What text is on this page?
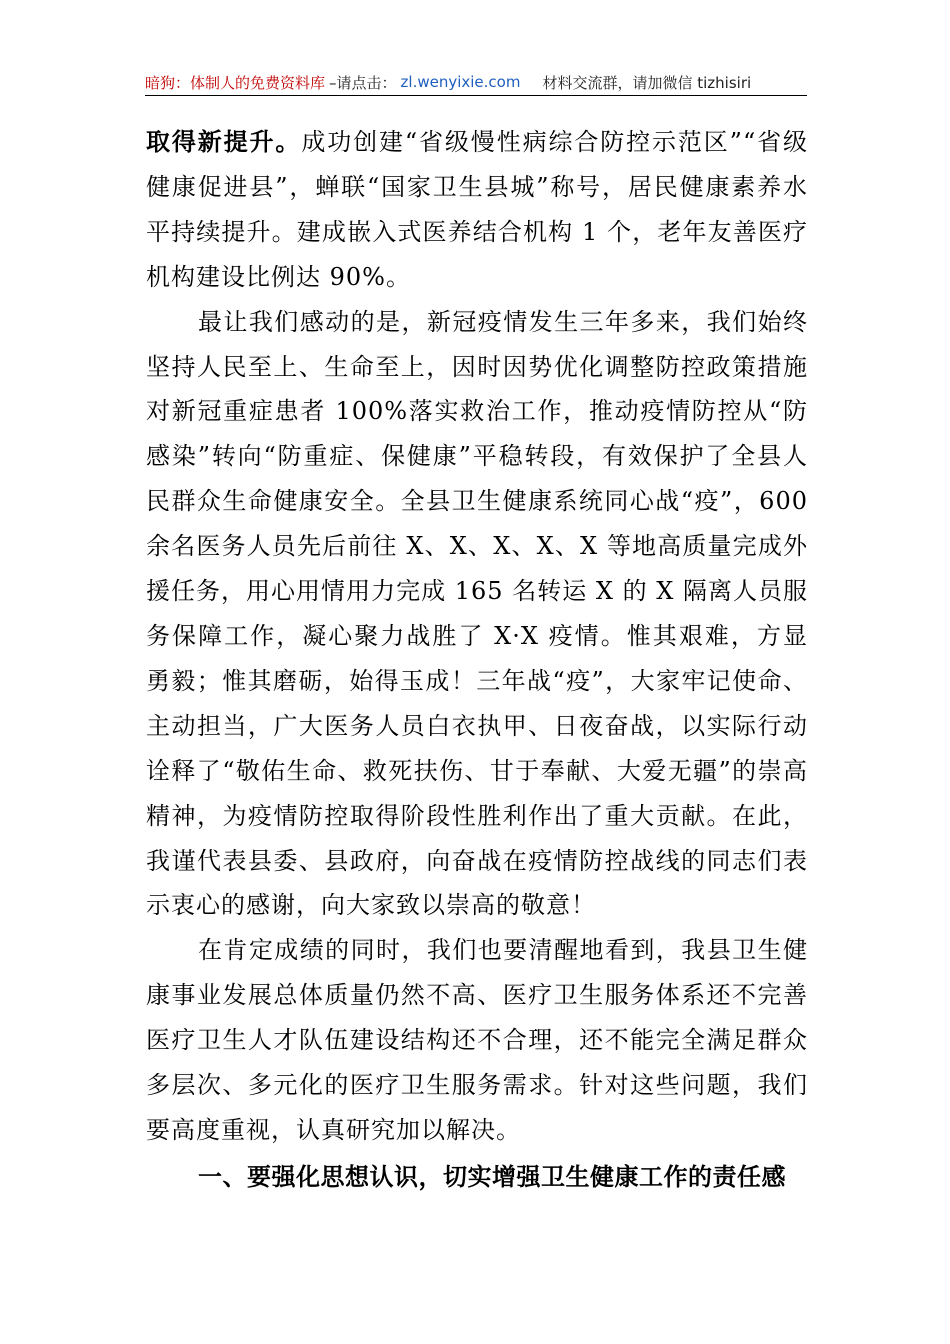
暗狗：体制人的免费资料库 –请点击： zl.wenyixie.com 材料交流群，请加微信 tizhisiri

取得新提升。成功创建“省级慢性病综合防控示范区”“省级健康促进县”，蝉联“国家卫生县城”称号，居民健康素养水平持续提升。建成嵌入式医养结合机构 1 个，老年友善医疗机构建设比例达 90%。

最让我们感动的是，新冠疫情发生三年多来，我们始终坚持人民至上、生命至上，因时因势优化调整防控政策措施对新冠重症患者 100%落实救治工作，推动疫情防控从“防感染”转向“防重症、保健康”平稳转段，有效保护了全县人民群众生命健康安全。全县卫生健康系统同心战“疫”，600 余名医务人员先后前往 X、X、X、X、X 等地高质量完成外援任务，用心用情用力完成 165 名转运 X 的 X 隔离人员服务保障工作，凝心聚力战胜了 X·X 疫情。惟其艰难，方显勇毅；惟其磨砺，始得玉成！三年战“疫”，大家牢记使命、主动担当，广大医务人员白衣执甲、日夜奋战，以实际行动诠释了“敬佑生命、救死扶伤、甘于奉献、大爱无疆”的崇高精神，为疫情防控取得阶段性胜利作出了重大贡献。在此，我谨代表县委、县政府，向奋战在疫情防控战线的同志们表示衷心的感谢，向大家致以崇高的敬意！

在肯定成绩的同时，我们也要清醒地看到，我县卫生健康事业发展总体质量仍然不高、医疗卫生服务体系还不完善医疗卫生人才队伍建设结构还不合理，还不能完全满足群众多层次、多元化的医疗卫生服务需求。针对这些问题，我们要高度重视，认真研究加以解决。

一、要强化思想认识，切实增强卫生健康工作的责任感
